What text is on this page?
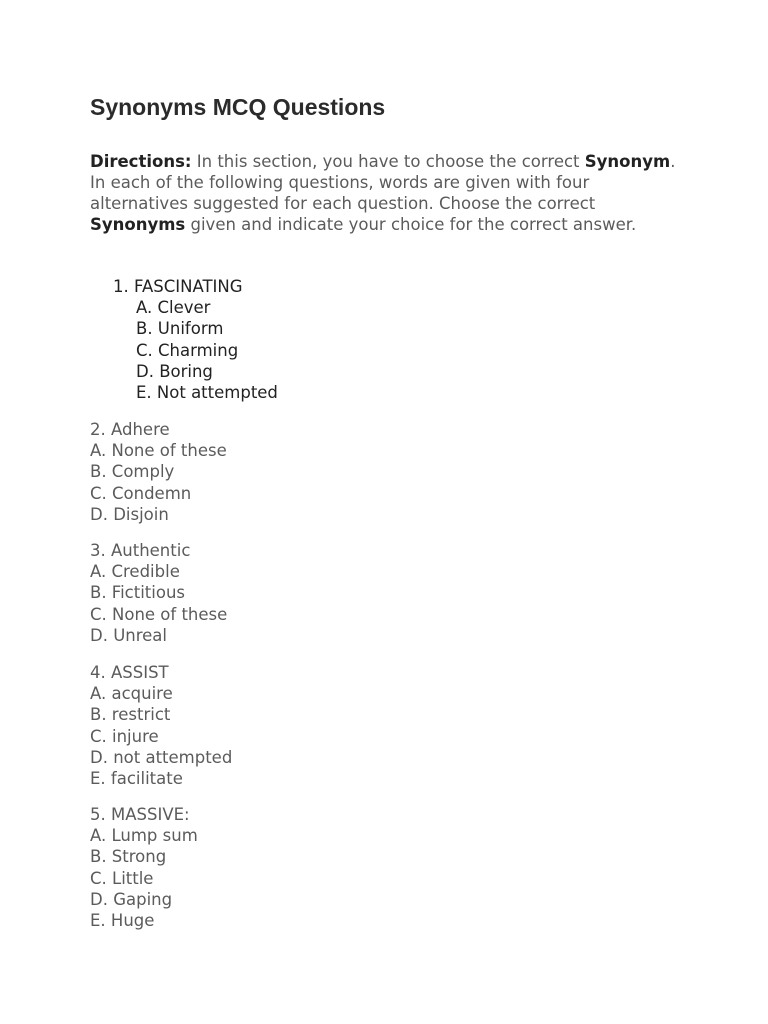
Synonyms MCQ Questions

Directions: In this section, you have to choose the correct Synonym. In each of the following questions, words are given with four alternatives suggested for each question. Choose the correct Synonyms given and indicate your choice for the correct answer.

1. FASCINATING
A. Clever
B. Uniform
C. Charming
D. Boring
E. Not attempted
2. Adhere
A. None of these
B. Comply
C. Condemn
D. Disjoin
3. Authentic
A. Credible
B. Fictitious
C. None of these
D. Unreal
4. ASSIST
A. acquire
B. restrict
C. injure
D. not attempted
E. facilitate
5. MASSIVE:
A. Lump sum
B. Strong
C. Little
D. Gaping
E. Huge
